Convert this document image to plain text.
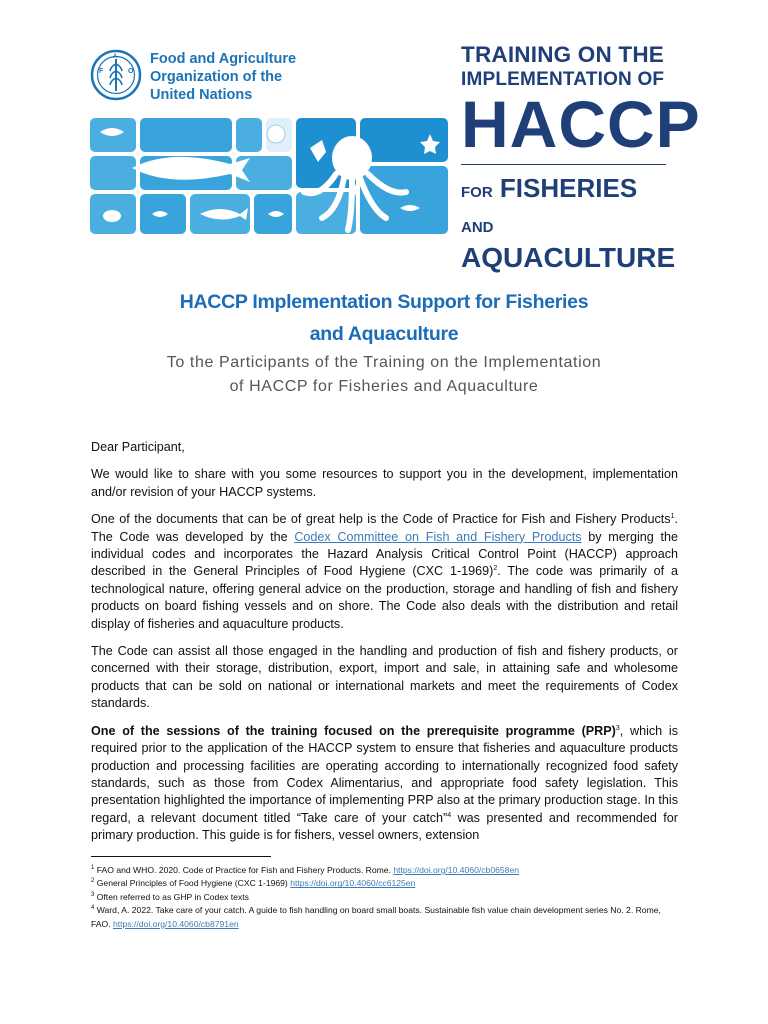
F
A
O
Food and Agriculture
Organization of the
United Nations
TRAINING ON THE
IMPLEMENTATION OF
HACCP
FOR FISHERIES AND
AQUACULTURE
HACCP Implementation Support for Fisheries
and Aquaculture
To the Participants of the Training on the Implementation
of HACCP for Fisheries and Aquaculture

Dear Participant,

We would like to share with you some resources to support you in the development, implementation and/or revision of your HACCP systems.

One of the documents that can be of great help is the Code of Practice for Fish and Fishery Products$^1$. The Code was developed by the Codex Committee on Fish and Fishery Products by merging the individual codes and incorporates the Hazard Analysis Critical Control Point (HACCP) approach described in the General Principles of Food Hygiene (CXC 1-1969)$^2$. The code was primarily of a technological nature, offering general advice on the production, storage and handling of fish and fishery products on board fishing vessels and on shore. The Code also deals with the distribution and retail display of fisheries and aquaculture products.

The Code can assist all those engaged in the handling and production of fish and fishery products, or concerned with their storage, distribution, export, import and sale, in attaining safe and wholesome products that can be sold on national or international markets and meet the requirements of Codex standards.

One of the sessions of the training focused on the prerequisite programme (PRP)$^3$, which is required prior to the application of the HACCP system to ensure that fisheries and aquaculture products production and processing facilities are operating according to internationally recognized food safety standards, such as those from Codex Alimentarius, and appropriate food safety legislation. This presentation highlighted the importance of implementing PRP also at the primary production stage. In this regard, a relevant document titled “Take care of your catch”$^4$ was presented and recommended for primary production. This guide is for fishers, vessel owners, extension

$^1$ FAO and WHO. 2020. Code of Practice for Fish and Fishery Products. Rome. https://doi.org/10.4060/cb0658en
$^2$ General Principles of Food Hygiene (CXC 1-1969) https://doi.org/10.4060/cc6125en
$^3$ Often referred to as GHP in Codex texts
$^4$ Ward, A. 2022. Take care of your catch. A guide to fish handling on board small boats. Sustainable fish value chain development series No. 2. Rome, FAO. https://doi.org/10.4060/cb8791en
